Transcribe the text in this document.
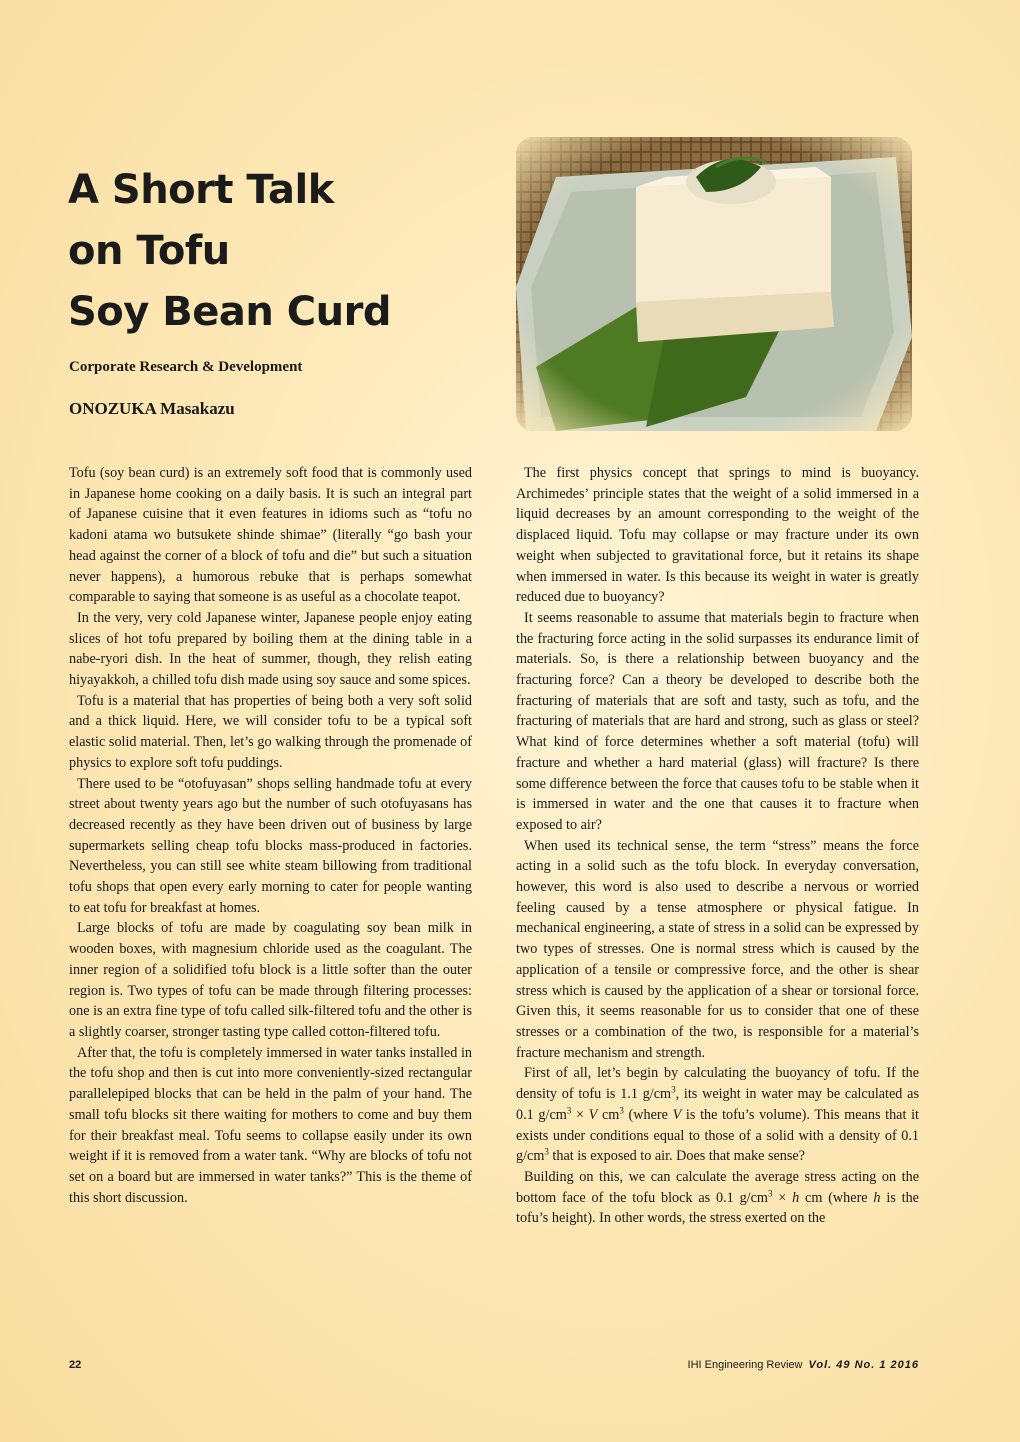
A Short Talk
on Tofu
Soy Bean Curd
Corporate Research & Development
ONOZUKA Masakazu

Tofu (soy bean curd) is an extremely soft food that is commonly used in Japanese home cooking on a daily basis. It is such an integral part of Japanese cuisine that it even features in idioms such as “tofu no kadoni atama wo butsukete shinde shimae” (literally “go bash your head against the corner of a block of tofu and die” but such a situation never happens), a humorous rebuke that is perhaps somewhat comparable to saying that someone is as useful as a chocolate teapot.

In the very, very cold Japanese winter, Japanese people enjoy eating slices of hot tofu prepared by boiling them at the dining table in a nabe-ryori dish. In the heat of summer, though, they relish eating hiyayakkoh, a chilled tofu dish made using soy sauce and some spices.

Tofu is a material that has properties of being both a very soft solid and a thick liquid. Here, we will consider tofu to be a typical soft elastic solid material. Then, let’s go walking through the promenade of physics to explore soft tofu puddings.

There used to be “otofuyasan” shops selling handmade tofu at every street about twenty years ago but the number of such otofuyasans has decreased recently as they have been driven out of business by large supermarkets selling cheap tofu blocks mass-produced in factories. Nevertheless, you can still see white steam billowing from traditional tofu shops that open every early morning to cater for people wanting to eat tofu for breakfast at homes.

Large blocks of tofu are made by coagulating soy bean milk in wooden boxes, with magnesium chloride used as the coagulant. The inner region of a solidified tofu block is a little softer than the outer region is. Two types of tofu can be made through filtering processes: one is an extra fine type of tofu called silk-filtered tofu and the other is a slightly coarser, stronger tasting type called cotton-filtered tofu.

After that, the tofu is completely immersed in water tanks installed in the tofu shop and then is cut into more conveniently-sized rectangular parallelepiped blocks that can be held in the palm of your hand. The small tofu blocks sit there waiting for mothers to come and buy them for their breakfast meal. Tofu seems to collapse easily under its own weight if it is removed from a water tank. “Why are blocks of tofu not set on a board but are immersed in water tanks?” This is the theme of this short discussion.

The first physics concept that springs to mind is buoyancy. Archimedes’ principle states that the weight of a solid immersed in a liquid decreases by an amount corresponding to the weight of the displaced liquid. Tofu may collapse or may fracture under its own weight when subjected to gravitational force, but it retains its shape when immersed in water. Is this because its weight in water is greatly reduced due to buoyancy?

It seems reasonable to assume that materials begin to fracture when the fracturing force acting in the solid surpasses its endurance limit of materials. So, is there a relationship between buoyancy and the fracturing force? Can a theory be developed to describe both the fracturing of materials that are soft and tasty, such as tofu, and the fracturing of materials that are hard and strong, such as glass or steel? What kind of force determines whether a soft material (tofu) will fracture and whether a hard material (glass) will fracture? Is there some difference between the force that causes tofu to be stable when it is immersed in water and the one that causes it to fracture when exposed to air?

When used its technical sense, the term “stress” means the force acting in a solid such as the tofu block. In everyday conversation, however, this word is also used to describe a nervous or worried feeling caused by a tense atmosphere or physical fatigue. In mechanical engineering, a state of stress in a solid can be expressed by two types of stresses. One is normal stress which is caused by the application of a tensile or compressive force, and the other is shear stress which is caused by the application of a shear or torsional force. Given this, it seems reasonable for us to consider that one of these stresses or a combination of the two, is responsible for a material’s fracture mechanism and strength.

First of all, let’s begin by calculating the buoyancy of tofu. If the density of tofu is 1.1 $g/cm^3$, its weight in water may be calculated as 0.1 $g/cm^3 \times V$ $cm^3$ (where V is the tofu’s volume). This means that it exists under conditions equal to those of a solid with a density of 0.1 $g/cm^3$ that is exposed to air. Does that make sense?

Building on this, we can calculate the average stress acting on the bottom face of the tofu block as 0.1 $g/cm^3 \times h$ cm (where h is the tofu’s height). In other words, the stress exerted on the

22	IHI Engineering Review Vol. 49 No. 1 2016
